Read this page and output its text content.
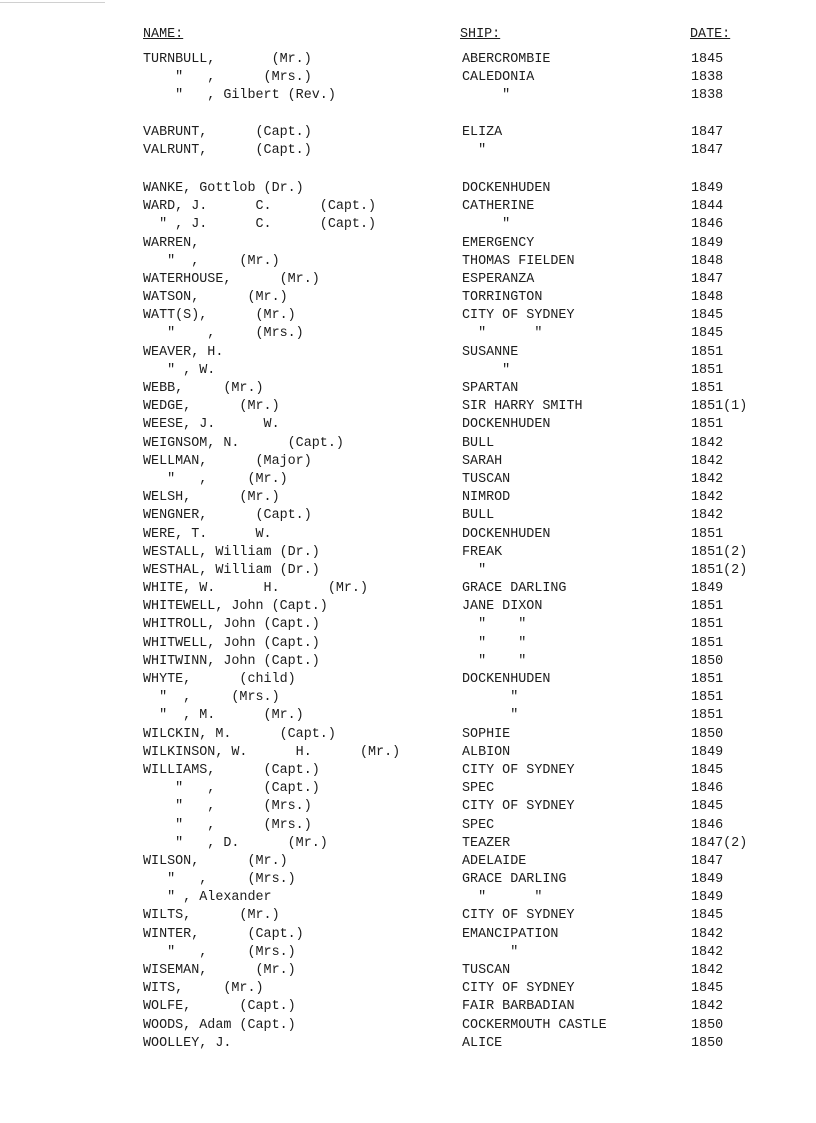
NAME:	SHIP:	DATE:
TURNBULL,       (Mr.)	ABERCROMBIE	1845
"   ,      (Mrs.)	CALEDONIA	1838
"   , Gilbert (Rev.)	"	1838
VABRUNT,      (Capt.)	ELIZA	1847
VALRUNT,      (Capt.)	"	1847
WANKE, Gottlob (Dr.)	DOCKENHUDEN	1849
WARD, J.      C.      (Capt.)	CATHERINE	1844
" , J.      C.      (Capt.)	"	1846
WARREN,	EMERGENCY	1849
"  ,     (Mr.)	THOMAS FIELDEN	1848
WATERHOUSE,      (Mr.)	ESPERANZA	1847
WATSON,      (Mr.)	TORRINGTON	1848
WATT(S),      (Mr.)	CITY OF SYDNEY	1845
"    ,     (Mrs.)	"      "	1845
WEAVER, H.	SUSANNE	1851
" , W.	"	1851
WEBB,     (Mr.)	SPARTAN	1851
WEDGE,      (Mr.)	SIR HARRY SMITH	1851(1)
WEESE, J.      W.	DOCKENHUDEN	1851
WEIGNSOM, N.      (Capt.)	BULL	1842
WELLMAN,      (Major)	SARAH	1842
"   ,     (Mr.)	TUSCAN	1842
WELSH,      (Mr.)	NIMROD	1842
WENGNER,      (Capt.)	BULL	1842
WERE, T.      W.	DOCKENHUDEN	1851
WESTALL, William (Dr.)	FREAK	1851(2)
WESTHAL, William (Dr.)	"	1851(2)
WHITE, W.      H.      (Mr.)	GRACE DARLING	1849
WHITEWELL, John (Capt.)	JANE DIXON	1851
WHITROLL, John (Capt.)	"    "	1851
WHITWELL, John (Capt.)	"    "	1851
WHITWINN, John (Capt.)	"    "	1850
WHYTE,      (child)	DOCKENHUDEN	1851
"  ,     (Mrs.)	"	1851
"  , M.      (Mr.)	"	1851
WILCKIN, M.      (Capt.)	SOPHIE	1850
WILKINSON, W.      H.      (Mr.)	ALBION	1849
WILLIAMS,      (Capt.)	CITY OF SYDNEY	1845
"   ,      (Capt.)	SPEC	1846
"   ,      (Mrs.)	CITY OF SYDNEY	1845
"   ,      (Mrs.)	SPEC	1846
"   , D.      (Mr.)	TEAZER	1847(2)
WILSON,      (Mr.)	ADELAIDE	1847
"   ,     (Mrs.)	GRACE DARLING	1849
" , Alexander	"      "	1849
WILTS,      (Mr.)	CITY OF SYDNEY	1845
WINTER,      (Capt.)	EMANCIPATION	1842
"   ,     (Mrs.)	"	1842
WISEMAN,      (Mr.)	TUSCAN	1842
WITS,     (Mr.)	CITY OF SYDNEY	1845
WOLFE,      (Capt.)	FAIR BARBADIAN	1842
WOODS, Adam (Capt.)	COCKERMOUTH CASTLE	1850
WOOLLEY, J.	ALICE	1850
